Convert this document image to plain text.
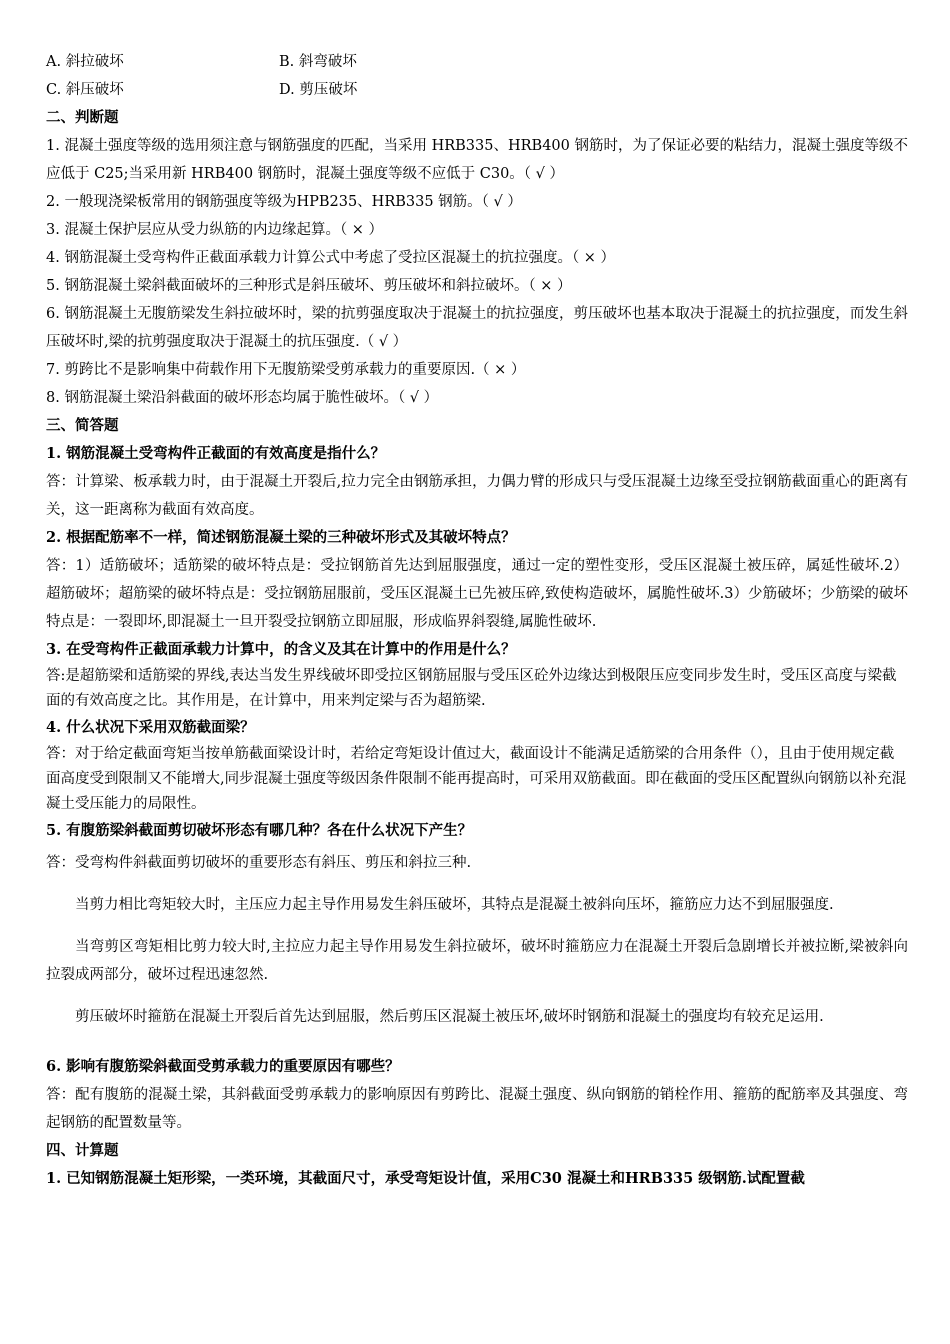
A. 斜拉破坏	B. 斜弯破坏
C. 斜压破坏	D. 剪压破坏
二、判断题
1. 混凝土强度等级的选用须注意与钢筋强度的匹配，当采用 HRB335、HRB400 钢筋时，为了保证必要的粘结力，混凝土强度等级不应低于 C25;当采用新 HRB400 钢筋时，混凝土强度等级不应低于 C30。（ √ ）
2. 一般现浇梁板常用的钢筋强度等级为HPB235、HRB335 钢筋。（ √ ）
3. 混凝土保护层应从受力纵筋的内边缘起算。（ × ）
4. 钢筋混凝土受弯构件正截面承载力计算公式中考虑了受拉区混凝土的抗拉强度。（ × ）
5. 钢筋混凝土梁斜截面破坏的三种形式是斜压破坏、剪压破坏和斜拉破坏。（ × ）
6. 钢筋混凝土无腹筋梁发生斜拉破坏时，梁的抗剪强度取决于混凝土的抗拉强度，剪压破坏也基本取决于混凝土的抗拉强度，而发生斜压破坏时,梁的抗剪强度取决于混凝土的抗压强度.（ √ ）
7. 剪跨比不是影响集中荷载作用下无腹筋梁受剪承载力的重要原因.（ × ）
8. 钢筋混凝土梁沿斜截面的破坏形态均属于脆性破坏。（ √ ）
三、简答题
1. 钢筋混凝土受弯构件正截面的有效高度是指什么？
答：计算梁、板承载力时，由于混凝土开裂后,拉力完全由钢筋承担，力偶力臂的形成只与受压混凝土边缘至受拉钢筋截面重心的距离有关，这一距离称为截面有效高度。
2. 根据配筋率不一样，简述钢筋混凝土梁的三种破坏形式及其破坏特点？
答：1）适筋破坏；适筋梁的破坏特点是：受拉钢筋首先达到屈服强度，通过一定的塑性变形，受压区混凝土被压碎，属延性破坏.2）超筋破坏；超筋梁的破坏特点是：受拉钢筋屈服前，受压区混凝土已先被压碎,致使构造破坏，属脆性破坏.3）少筋破坏；少筋梁的破坏特点是：一裂即坏,即混凝土一旦开裂受拉钢筋立即屈服，形成临界斜裂缝,属脆性破坏.
3. 在受弯构件正截面承载力计算中，的含义及其在计算中的作用是什么？
答:是超筋梁和适筋梁的界线,表达当发生界线破坏即受拉区钢筋屈服与受压区砼外边缘达到极限压应变同步发生时，受压区高度与梁截面的有效高度之比。其作用是，在计算中，用来判定梁与否为超筋梁.
4. 什么状况下采用双筋截面梁？
答：对于给定截面弯矩当按单筋截面梁设计时，若给定弯矩设计值过大，截面设计不能满足适筋梁的合用条件（），且由于使用规定截面高度受到限制又不能增大,同步混凝土强度等级因条件限制不能再提高时，可采用双筋截面。即在截面的受压区配置纵向钢筋以补充混凝土受压能力的局限性。
5. 有腹筋梁斜截面剪切破坏形态有哪几种？各在什么状况下产生？
答：受弯构件斜截面剪切破坏的重要形态有斜压、剪压和斜拉三种.
当剪力相比弯矩较大时，主压应力起主导作用易发生斜压破坏，其特点是混凝土被斜向压坏，箍筋应力达不到屈服强度.
当弯剪区弯矩相比剪力较大时,主拉应力起主导作用易发生斜拉破坏，破坏时箍筋应力在混凝土开裂后急剧增长并被拉断,梁被斜向拉裂成两部分，破坏过程迅速忽然.
剪压破坏时箍筋在混凝土开裂后首先达到屈服，然后剪压区混凝土被压坏,破坏时钢筋和混凝土的强度均有较充足运用.
6. 影响有腹筋梁斜截面受剪承载力的重要原因有哪些？
答：配有腹筋的混凝土梁，其斜截面受剪承载力的影响原因有剪跨比、混凝土强度、纵向钢筋的销栓作用、箍筋的配筋率及其强度、弯起钢筋的配置数量等。
四、计算题
1. 已知钢筋混凝土矩形梁，一类环境，其截面尺寸，承受弯矩设计值，采用C30 混凝土和HRB335 级钢筋.试配置截
